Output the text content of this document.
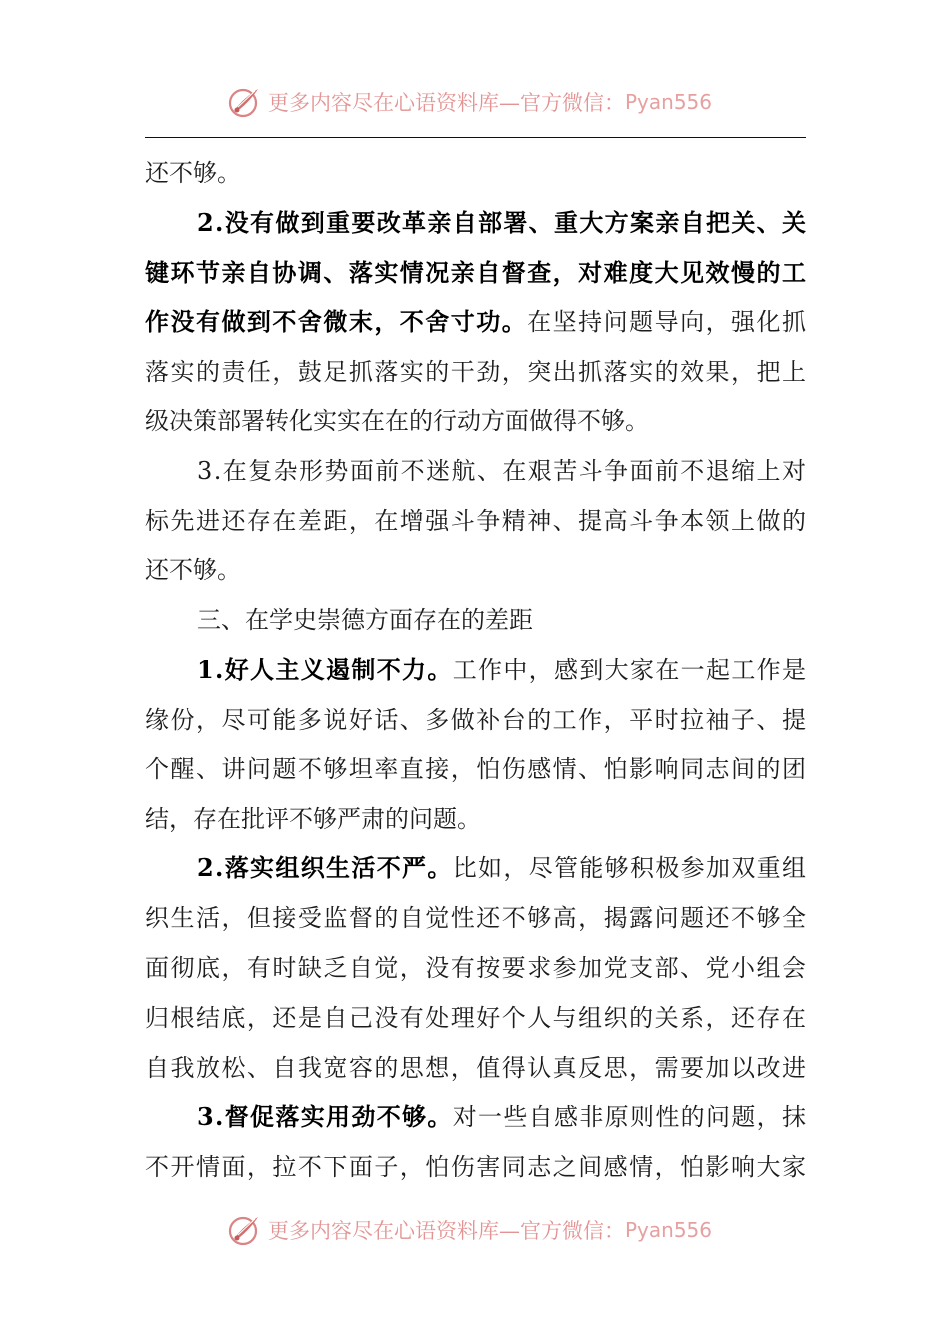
更多内容尽在心语资料库—官方微信： Pyan556
还不够。
2.没有做到重要改革亲自部署、重大方案亲自把关、关
键环节亲自协调、落实情况亲自督查，对难度大见效慢的工
作没有做到不舍微末，不舍寸功。在坚持问题导向，强化抓
落实的责任，鼓足抓落实的干劲，突出抓落实的效果，把上
级决策部署转化实实在在的行动方面做得不够。
3.在复杂形势面前不迷航、在艰苦斗争面前不退缩上对
标先进还存在差距，在增强斗争精神、提高斗争本领上做的
还不够。
三、在学史崇德方面存在的差距
1.好人主义遏制不力。工作中，感到大家在一起工作是
缘份，尽可能多说好话、多做补台的工作，平时拉袖子、提
个醒、讲问题不够坦率直接，怕伤感情、怕影响同志间的团
结，存在批评不够严肃的问题。
2.落实组织生活不严。比如，尽管能够积极参加双重组
织生活，但接受监督的自觉性还不够高，揭露问题还不够全
面彻底，有时缺乏自觉，没有按要求参加党支部、党小组会
归根结底，还是自己没有处理好个人与组织的关系，还存在
自我放松、自我宽容的思想，值得认真反思，需要加以改进
3.督促落实用劲不够。对一些自感非原则性的问题，抹
不开情面，拉不下面子，怕伤害同志之间感情，怕影响大家
更多内容尽在心语资料库—官方微信： Pyan556
